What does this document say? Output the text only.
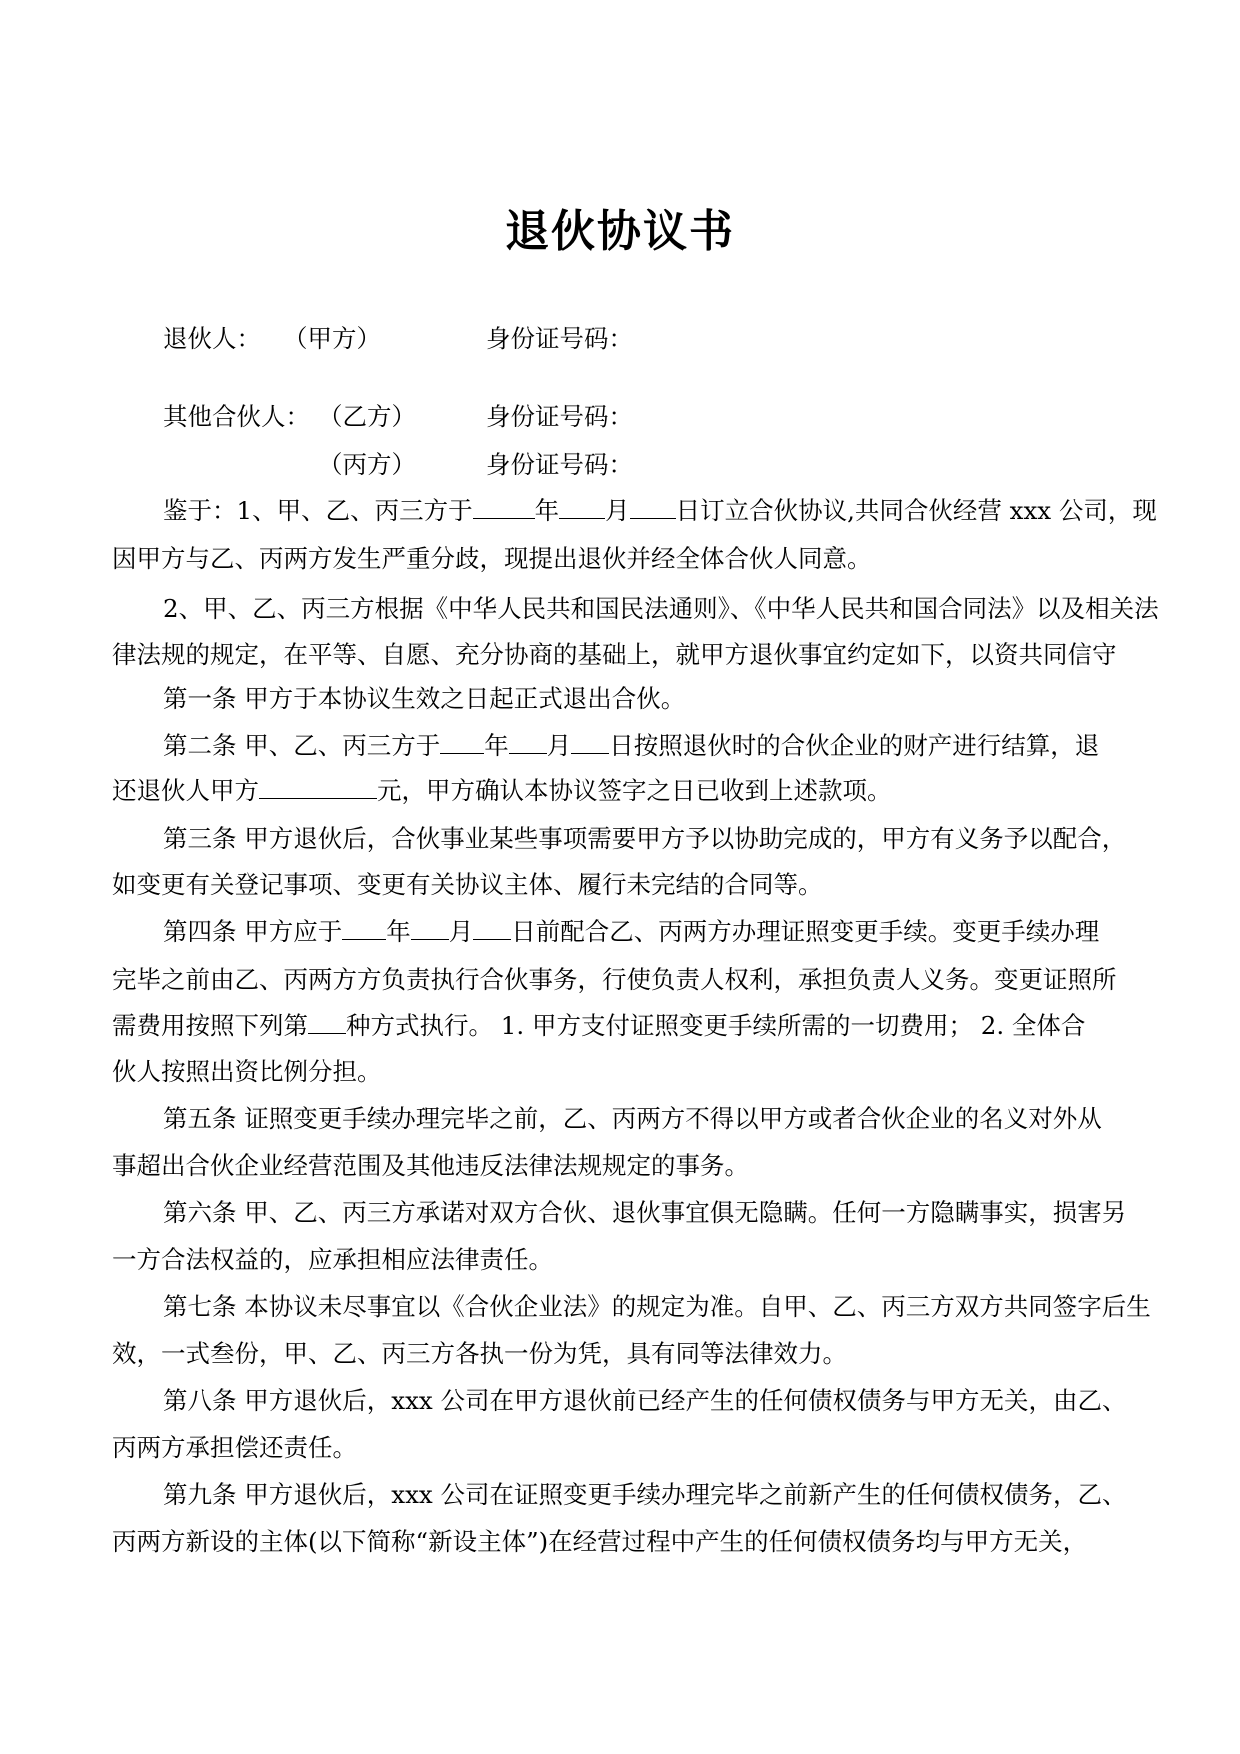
退伙协议书
退伙人： （甲方）	身份证号码：
其他合伙人： （乙方）	身份证号码：
（丙方）	身份证号码：
鉴于：1、甲、乙、丙三方于	年 月 日订立合伙协议,共同合伙经营 xxx 公司，现
因甲方与乙、丙两方发生严重分歧，现提出退伙并经全体合伙人同意。
2、甲、乙、丙三方根据《中华人民共和国民法通则》、《中华人民共和国合同法》以及相关法
律法规的规定，在平等、自愿、充分协商的基础上，就甲方退伙事宜约定如下，以资共同信守
第一条 甲方于本协议生效之日起正式退出合伙。
第二条 甲、乙、丙三方于 年 月 日按照退伙时的合伙企业的财产进行结算，退
还退伙人甲方	元，甲方确认本协议签字之日已收到上述款项。
第三条 甲方退伙后，合伙事业某些事项需要甲方予以协助完成的，甲方有义务予以配合，
如变更有关登记事项、变更有关协议主体、履行未完结的合同等。
第四条 甲方应于 年 月 日前配合乙、丙两方办理证照变更手续。变更手续办理
完毕之前由乙、丙两方方负责执行合伙事务，行使负责人权利，承担负责人义务。变更证照所
需费用按照下列第 种方式执行。 1. 甲方支付证照变更手续所需的一切费用； 2. 全体合
伙人按照出资比例分担。
第五条 证照变更手续办理完毕之前，乙、丙两方不得以甲方或者合伙企业的名义对外从
事超出合伙企业经营范围及其他违反法律法规规定的事务。
第六条 甲、乙、丙三方承诺对双方合伙、退伙事宜俱无隐瞒。任何一方隐瞒事实，损害另
一方合法权益的，应承担相应法律责任。
第七条 本协议未尽事宜以《合伙企业法》的规定为准。自甲、乙、丙三方双方共同签字后生
效，一式叁份，甲、乙、丙三方各执一份为凭，具有同等法律效力。
第八条 甲方退伙后，xxx 公司在甲方退伙前已经产生的任何债权债务与甲方无关，由乙、
丙两方承担偿还责任。
第九条 甲方退伙后，xxx 公司在证照变更手续办理完毕之前新产生的任何债权债务，乙、
丙两方新设的主体(以下简称“新设主体”)在经营过程中产生的任何债权债务均与甲方无关，
